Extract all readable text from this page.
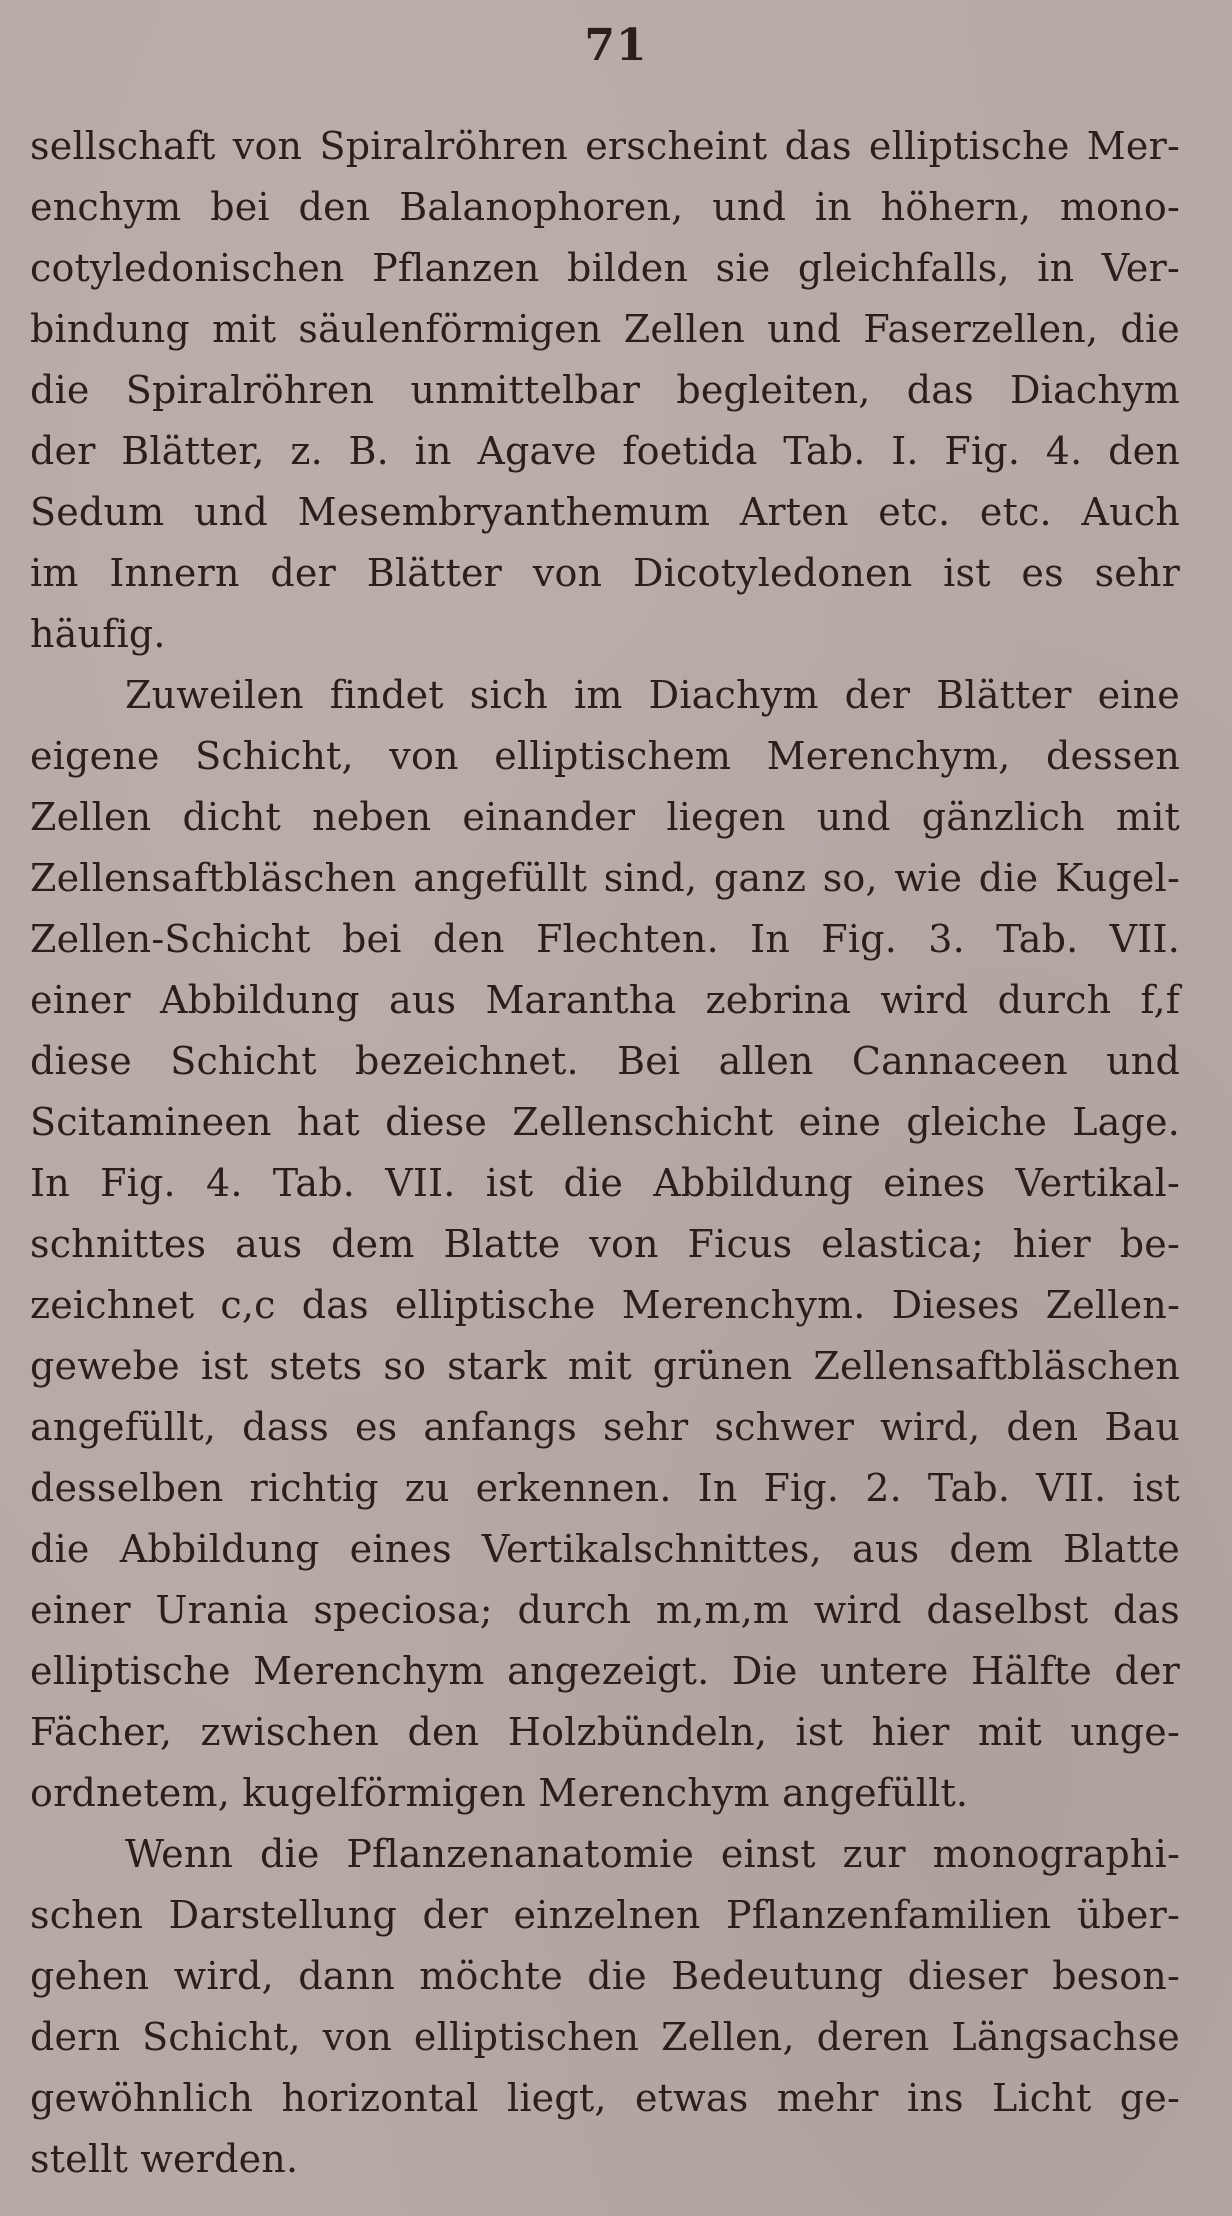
71
sellschaft von Spiralröhren erscheint das elliptische Mer-
enchym bei den Balanophoren, und in höhern, mono-
cotyledonischen Pflanzen bilden sie gleichfalls, in Ver-
bindung mit säulenförmigen Zellen und Faserzellen, die
die Spiralröhren unmittelbar begleiten, das Diachym
der Blätter, z. B. in Agave foetida Tab. I. Fig. 4. den
Sedum und Mesembryanthemum Arten etc. etc. Auch
im Innern der Blätter von Dicotyledonen ist es sehr
häufig.
Zuweilen findet sich im Diachym der Blätter eine
eigene Schicht, von elliptischem Merenchym, dessen
Zellen dicht neben einander liegen und gänzlich mit
Zellensaftbläschen angefüllt sind, ganz so, wie die Kugel-
Zellen-Schicht bei den Flechten. In Fig. 3. Tab. VII.
einer Abbildung aus Marantha zebrina wird durch f,f
diese Schicht bezeichnet. Bei allen Cannaceen und
Scitamineen hat diese Zellenschicht eine gleiche Lage.
In Fig. 4. Tab. VII. ist die Abbildung eines Vertikal-
schnittes aus dem Blatte von Ficus elastica; hier be-
zeichnet c,c das elliptische Merenchym. Dieses Zellen-
gewebe ist stets so stark mit grünen Zellensaftbläschen
angefüllt, dass es anfangs sehr schwer wird, den Bau
desselben richtig zu erkennen. In Fig. 2. Tab. VII. ist
die Abbildung eines Vertikalschnittes, aus dem Blatte
einer Urania speciosa; durch m,m,m wird daselbst das
elliptische Merenchym angezeigt. Die untere Hälfte der
Fächer, zwischen den Holzbündeln, ist hier mit unge-
ordnetem, kugelförmigen Merenchym angefüllt.
Wenn die Pflanzenanatomie einst zur monographi-
schen Darstellung der einzelnen Pflanzenfamilien über-
gehen wird, dann möchte die Bedeutung dieser beson-
dern Schicht, von elliptischen Zellen, deren Längsachse
gewöhnlich horizontal liegt, etwas mehr ins Licht ge-
stellt werden.
